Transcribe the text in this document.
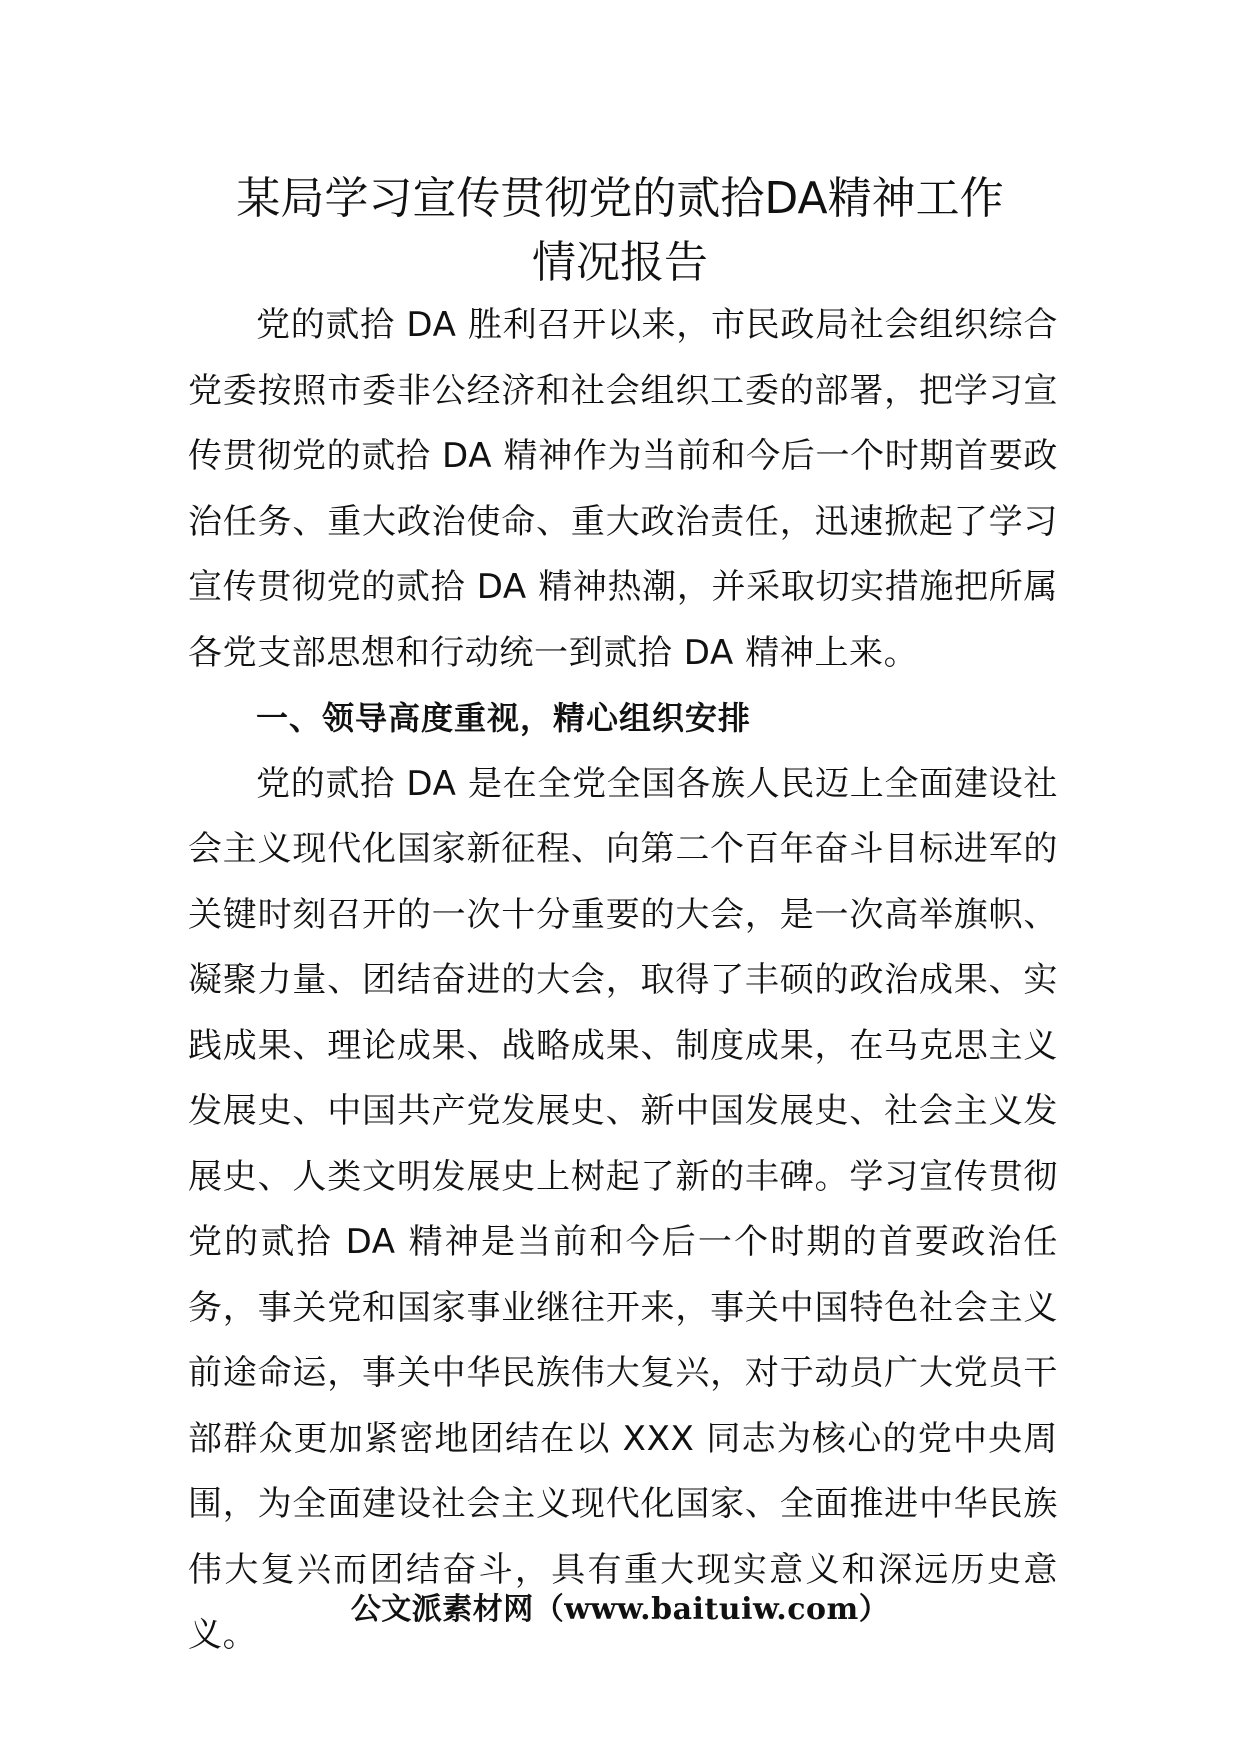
某局学习宣传贯彻党的贰拾DA精神工作
情况报告

党的贰拾 DA 胜利召开以来，市民政局社会组织综合党委按照市委非公经济和社会组织工委的部署，把学习宣传贯彻党的贰拾 DA 精神作为当前和今后一个时期首要政治任务、重大政治使命、重大政治责任，迅速掀起了学习宣传贯彻党的贰拾 DA 精神热潮，并采取切实措施把所属各党支部思想和行动统一到贰拾 DA 精神上来。

一、领导高度重视，精心组织安排

党的贰拾 DA 是在全党全国各族人民迈上全面建设社会主义现代化国家新征程、向第二个百年奋斗目标进军的关键时刻召开的一次十分重要的大会，是一次高举旗帜、凝聚力量、团结奋进的大会，取得了丰硕的政治成果、实践成果、理论成果、战略成果、制度成果，在马克思主义发展史、中国共产党发展史、新中国发展史、社会主义发展史、人类文明发展史上树起了新的丰碑。学习宣传贯彻党的贰拾 DA 精神是当前和今后一个时期的首要政治任务，事关党和国家事业继往开来，事关中国特色社会主义前途命运，事关中华民族伟大复兴，对于动员广大党员干部群众更加紧密地团结在以 XXX 同志为核心的党中央周围，为全面建设社会主义现代化国家、全面推进中华民族伟大复兴而团结奋斗，具有重大现实意义和深远历史意义。

公文派素材网（www.baituiw.com）
